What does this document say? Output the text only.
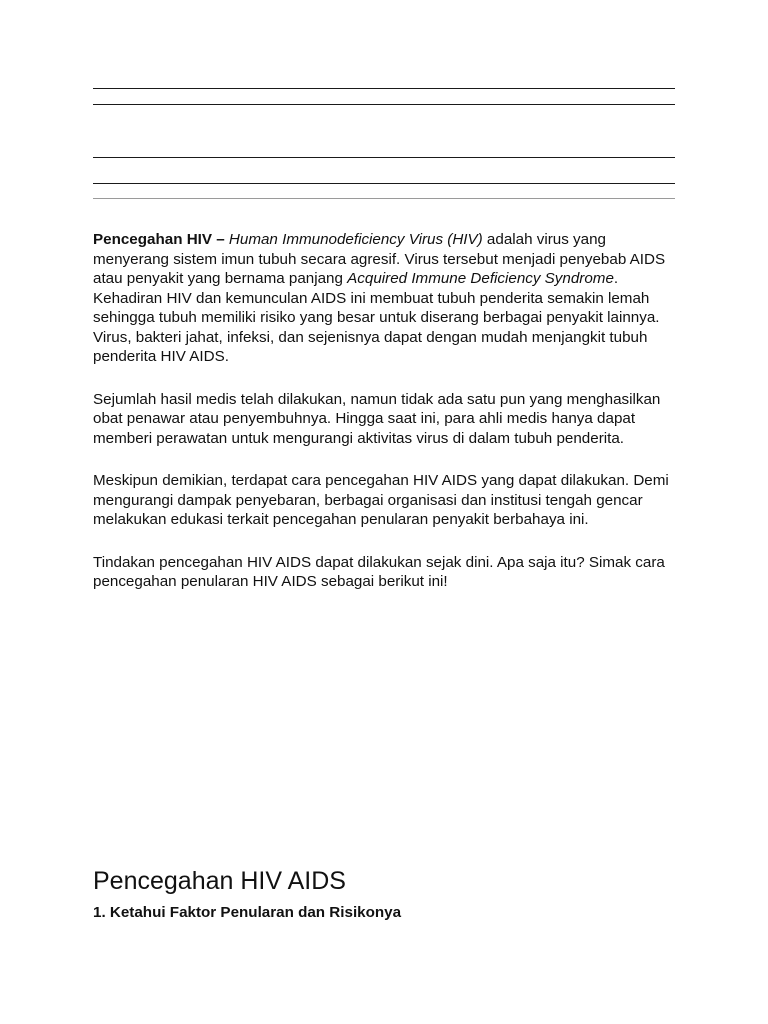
Pencegahan HIV – Human Immunodeficiency Virus (HIV) adalah virus yang menyerang sistem imun tubuh secara agresif. Virus tersebut menjadi penyebab AIDS atau penyakit yang bernama panjang Acquired Immune Deficiency Syndrome.

Kehadiran HIV dan kemunculan AIDS ini membuat tubuh penderita semakin lemah sehingga tubuh memiliki risiko yang besar untuk diserang berbagai penyakit lainnya. Virus, bakteri jahat, infeksi, dan sejenisnya dapat dengan mudah menjangkit tubuh penderita HIV AIDS.

Sejumlah hasil medis telah dilakukan, namun tidak ada satu pun yang menghasilkan obat penawar atau penyembuhnya. Hingga saat ini, para ahli medis hanya dapat memberi perawatan untuk mengurangi aktivitas virus di dalam tubuh penderita.

Meskipun demikian, terdapat cara pencegahan HIV AIDS yang dapat dilakukan. Demi mengurangi dampak penyebaran, berbagai organisasi dan institusi tengah gencar melakukan edukasi terkait pencegahan penularan penyakit berbahaya ini.

Tindakan pencegahan HIV AIDS dapat dilakukan sejak dini. Apa saja itu? Simak cara pencegahan penularan HIV AIDS sebagai berikut ini!

Pencegahan HIV AIDS
1. Ketahui Faktor Penularan dan Risikonya
